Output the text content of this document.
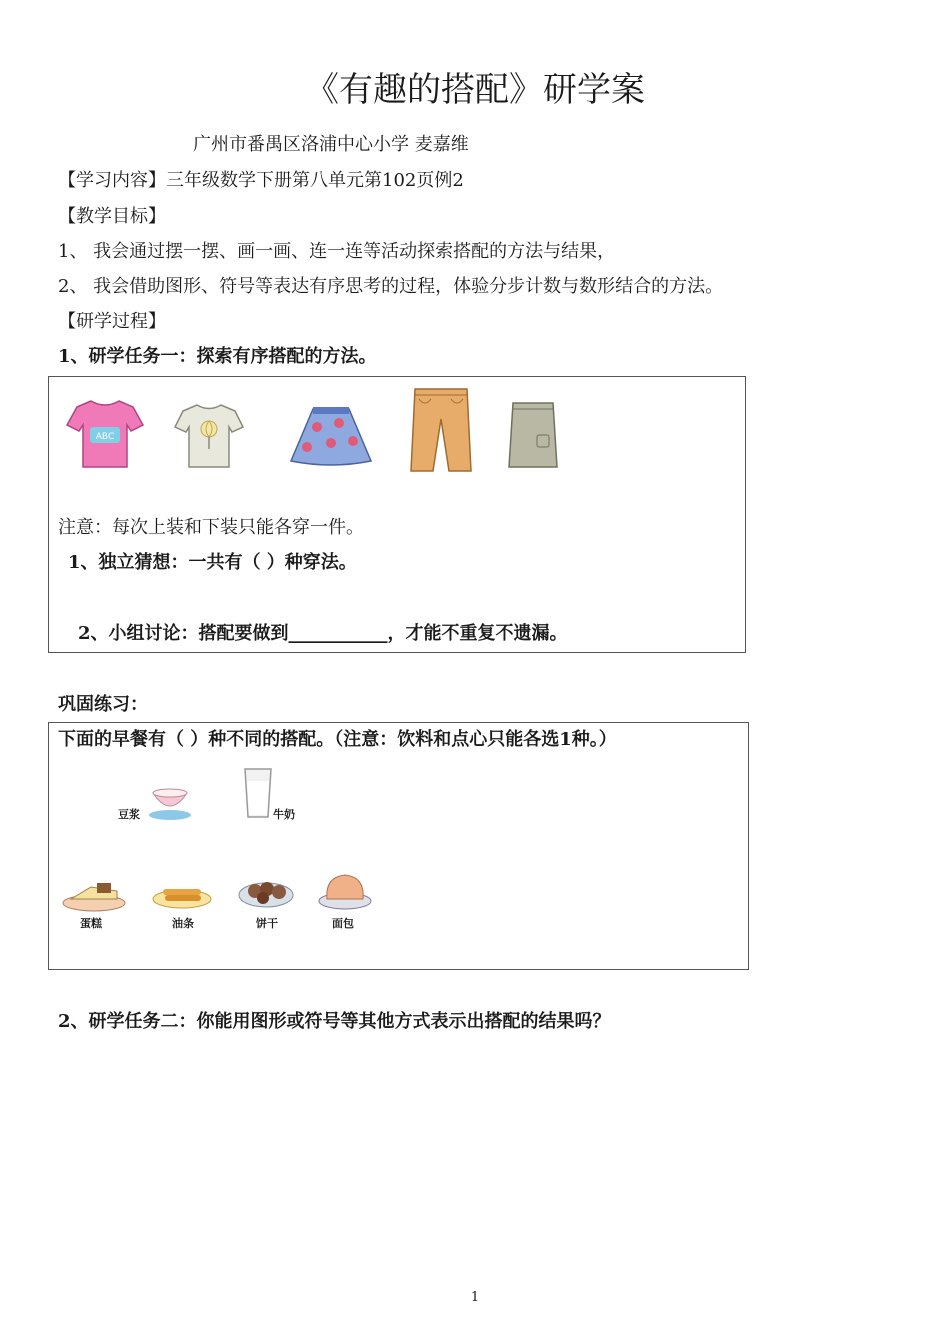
《有趣的搭配》研学案
广州市番禺区洛浦中心小学 麦嘉维
【学习内容】三年级数学下册第八单元第102页例2
【教学目标】
1、 我会通过摆一摆、画一画、连一连等活动探索搭配的方法与结果，
2、 我会借助图形、符号等表达有序思考的过程，体验分步计数与数形结合的方法。
【研学过程】
1、研学任务一：探索有序搭配的方法。
ABC
注意：每次上装和下装只能各穿一件。
1、独立猜想：一共有（ ）种穿法。
2、小组讨论：搭配要做到___________，才能不重复不遗漏。
巩固练习：
豆浆	牛奶
蛋糕	油条	饼干	面包
下面的早餐有（ ）种不同的搭配。（注意：饮料和点心只能各选1种。）
2、研学任务二：你能用图形或符号等其他方式表示出搭配的结果吗？
1
